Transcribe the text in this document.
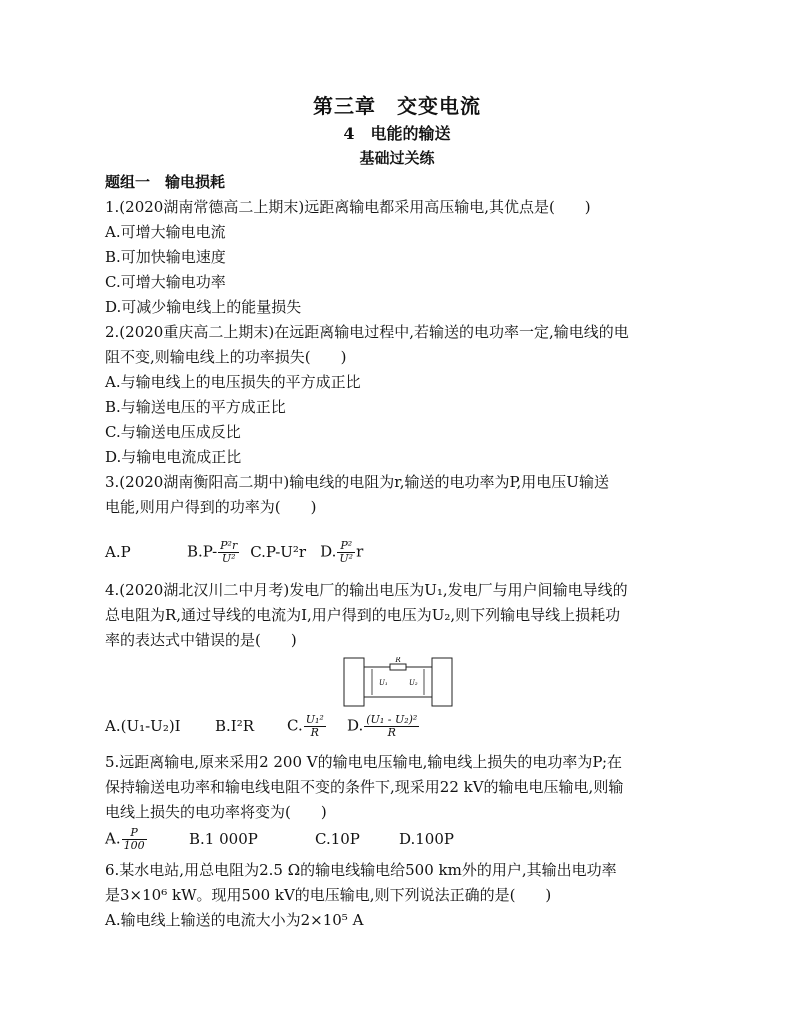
第三章　交变电流
4　电能的输送
基础过关练
题组一　输电损耗
1.(2020湖南常德高二上期末)远距离输电都采用高压输电,其优点是(　　)
A.可增大输电电流
B.可加快输电速度
C.可增大输电功率
D.可减少输电线上的能量损失
2.(2020重庆高二上期末)在远距离输电过程中,若输送的电功率一定,输电线的电
阻不变,则输电线上的功率损失(　　)
A.与输电线上的电压损失的平方成正比
B.与输送电压的平方成正比
C.与输送电压成反比
D.与输电电流成正比
3.(2020湖南衡阳高二期中)输电线的电阻为r,输送的电功率为P,用电压U输送
电能,则用户得到的功率为(　　)
A.P	$B.P- \frac{\text{P²r}}{\text{U²}} C.P-U^2r$ D. $\frac{\text{P²}}{\text{U²}}$ r
4.(2020湖北汉川二中月考)发电厂的输出电压为U₁,发电厂与用户间输电导线的
总电阻为R,通过导线的电流为I,用户得到的电压为U₂,则下列输电导线上损耗功
率的表达式中错误的是(　　)
R
U₁	U₂
A.(U₁-U₂)I B.I²R C. $\frac{\text{U₁²}}{R} D$. $\frac{\text{(U₁ - U₂)²}}{R}$
5.远距离输电,原来采用2 200 V的输电电压输电,输电线上损失的电功率为P;在
保持输送电功率和输电线电阻不变的条件下,现采用22 kV的输电电压输电,则输
电线上损失的电功率将变为(　　)
A. $\frac{P}{100}$	B.1 000P	C.10P	D.100P
6.某水电站,用总电阻为2.5 Ω的输电线输电给500 km外的用户,其输出电功率
是3×10⁶ kW。现用500 kV的电压输电,则下列说法正确的是(　　)
A.输电线上输送的电流大小为2×10⁵ A
